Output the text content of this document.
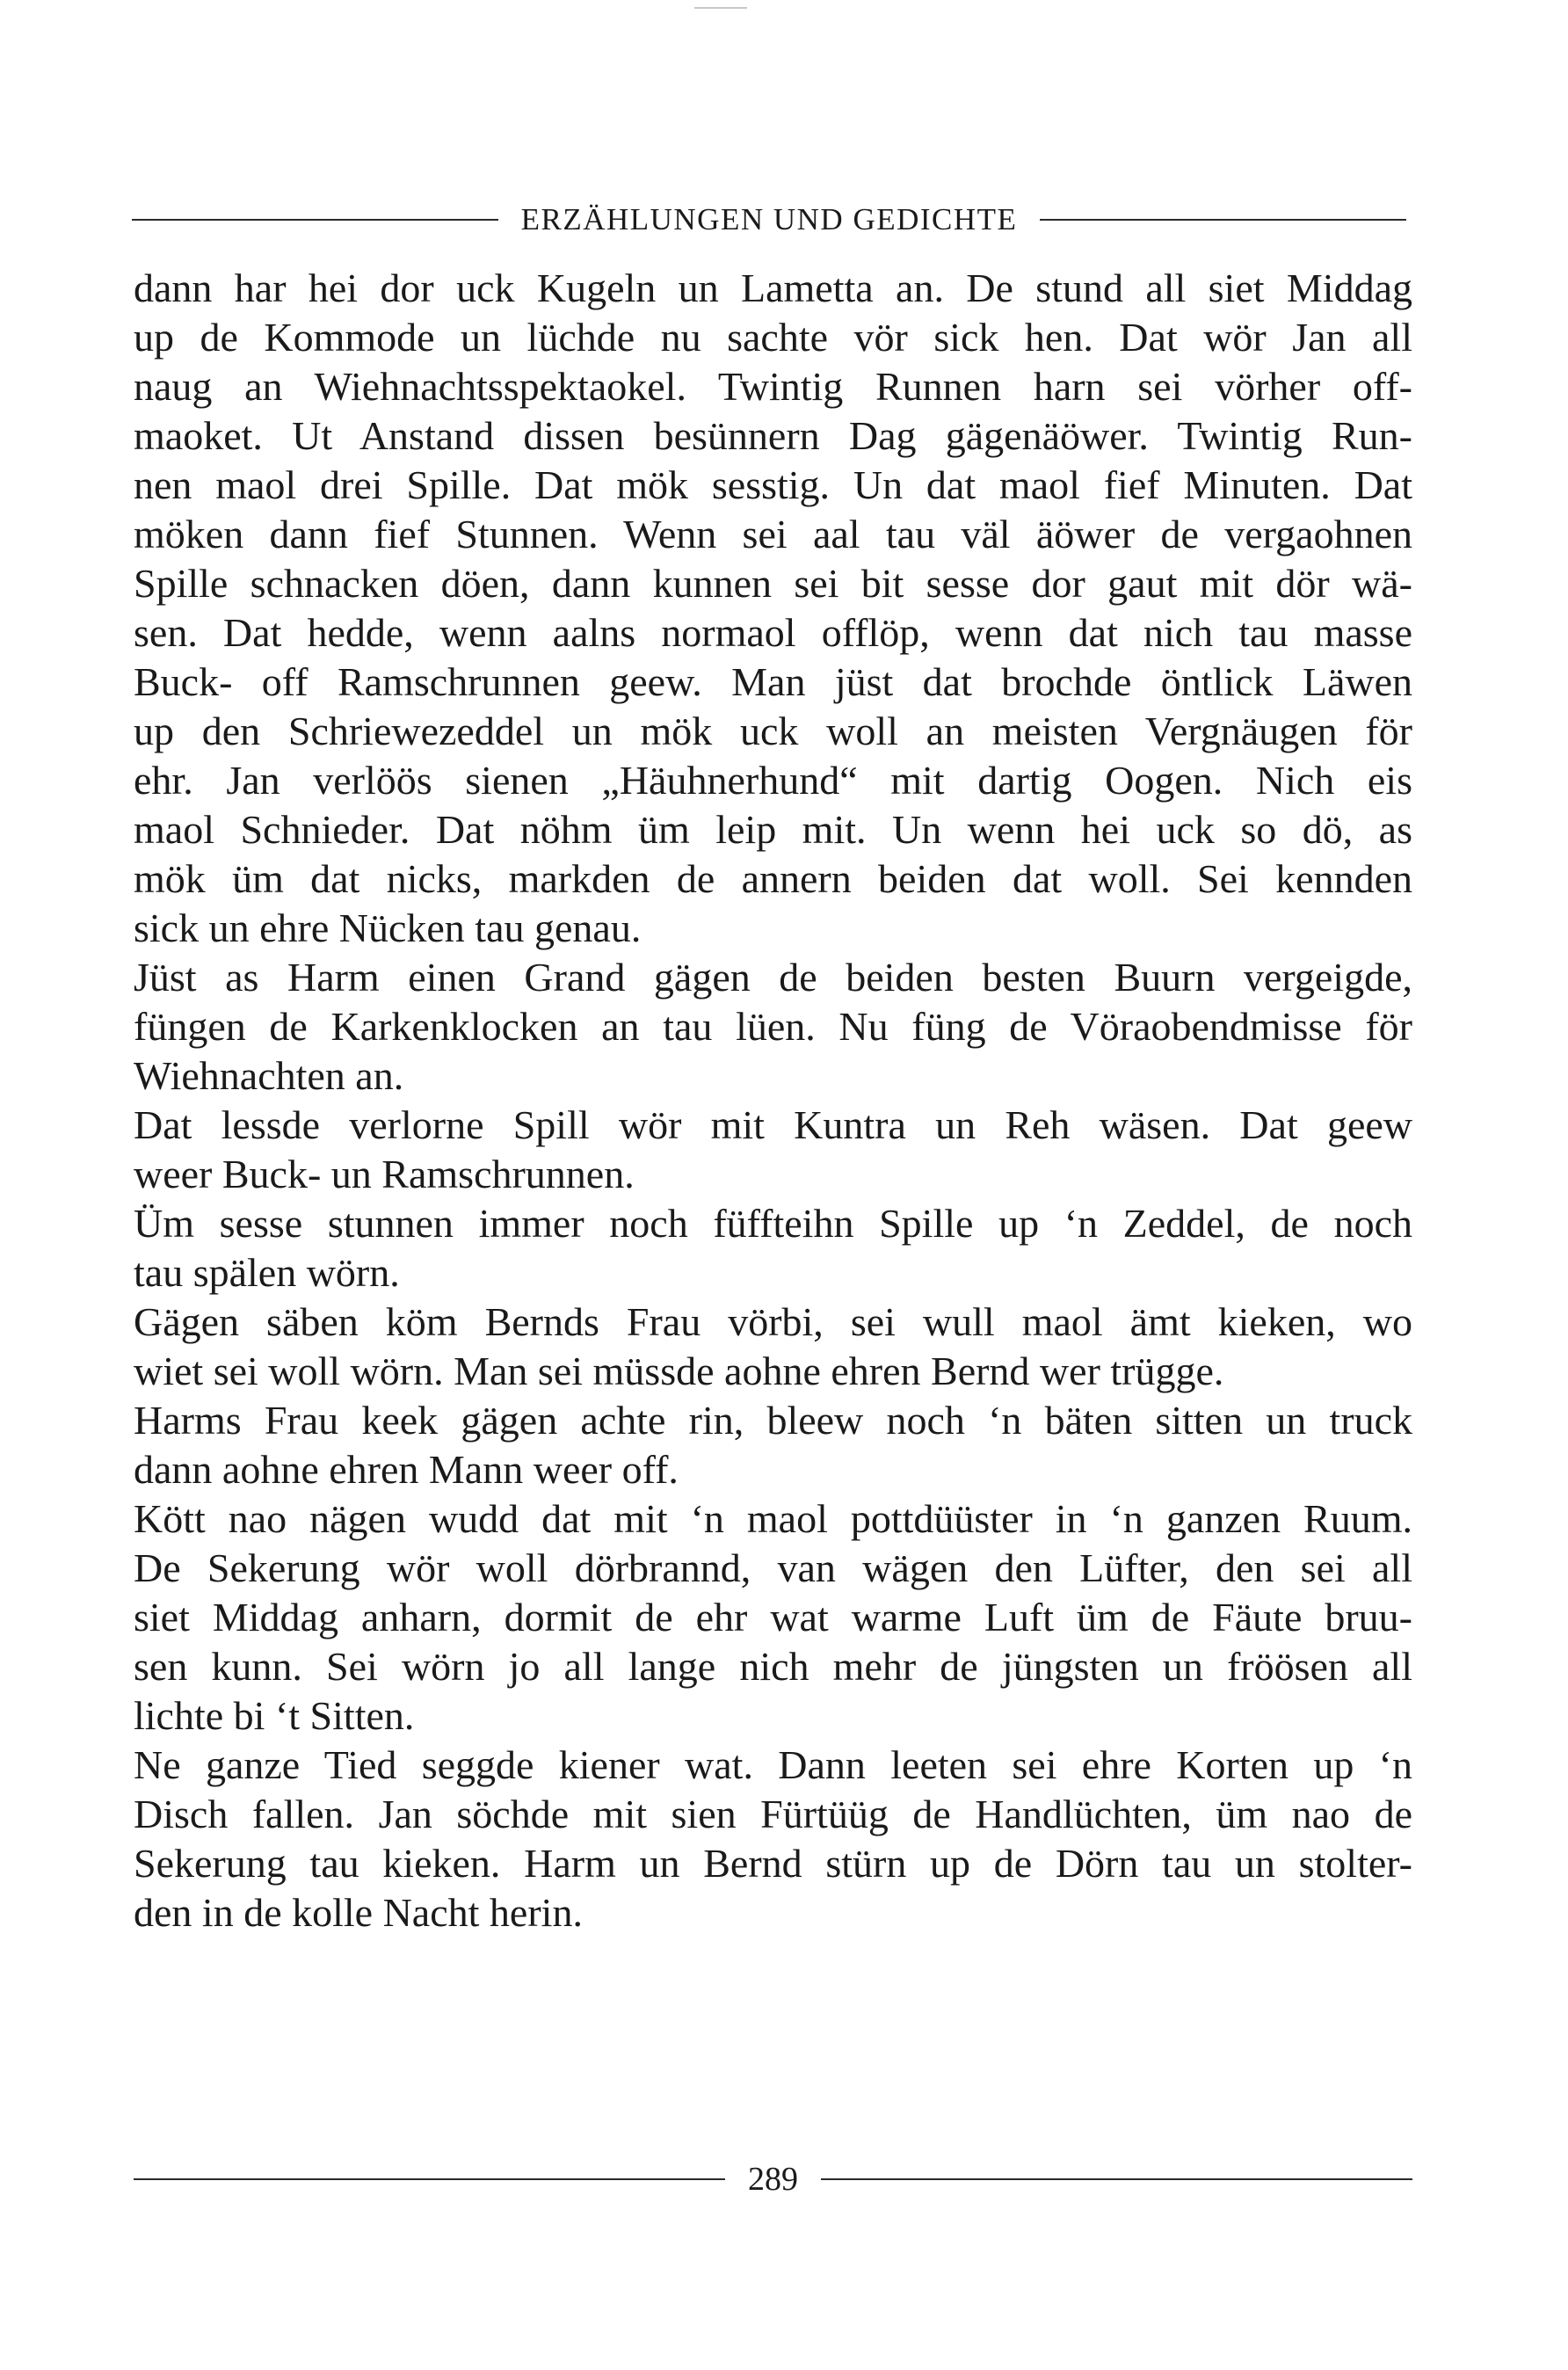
ERZÄHLUNGEN UND GEDICHTE
dann har hei dor uck Kugeln un Lametta an. De stund all siet Middag
up de Kommode un lüchde nu sachte vör sick hen. Dat wör Jan all
naug an Wiehnachtsspektaokel. Twintig Runnen harn sei vörher off-
maoket. Ut Anstand dissen besünnern Dag gägenäöwer. Twintig Run-
nen maol drei Spille. Dat mök sesstig. Un dat maol fief Minuten. Dat
möken dann fief Stunnen. Wenn sei aal tau väl äöwer de vergaohnen
Spille schnacken döen, dann kunnen sei bit sesse dor gaut mit dör wä-
sen. Dat hedde, wenn aalns normaol offlöp, wenn dat nich tau masse
Buck- off Ramschrunnen geew. Man jüst dat brochde öntlick Läwen
up den Schriewezeddel un mök uck woll an meisten Vergnäugen för
ehr. Jan verlöös sienen „Häuhnerhund“ mit dartig Oogen. Nich eis
maol Schnieder. Dat nöhm üm leip mit. Un wenn hei uck so dö, as
mök üm dat nicks, markden de annern beiden dat woll. Sei kennden
sick un ehre Nücken tau genau.
Jüst as Harm einen Grand gägen de beiden besten Buurn vergeigde,
füngen de Karkenklocken an tau lüen. Nu füng de Vöraobendmisse för
Wiehnachten an.
Dat lessde verlorne Spill wör mit Kuntra un Reh wäsen. Dat geew
weer Buck- un Ramschrunnen.
Üm sesse stunnen immer noch füffteihn Spille up ‘n Zeddel, de noch
tau spälen wörn.
Gägen säben köm Bernds Frau vörbi, sei wull maol ämt kieken, wo
wiet sei woll wörn. Man sei müssde aohne ehren Bernd wer trügge.
Harms Frau keek gägen achte rin, bleew noch ‘n bäten sitten un truck
dann aohne ehren Mann weer off.
Kött nao nägen wudd dat mit ‘n maol pottdüüster in ‘n ganzen Ruum.
De Sekerung wör woll dörbrannd, van wägen den Lüfter, den sei all
siet Middag anharn, dormit de ehr wat warme Luft üm de Fäute bruu-
sen kunn. Sei wörn jo all lange nich mehr de jüngsten un fröösen all
lichte bi ‘t Sitten.
Ne ganze Tied seggde kiener wat. Dann leeten sei ehre Korten up ‘n
Disch fallen. Jan söchde mit sien Fürtüüg de Handlüchten, üm nao de
Sekerung tau kieken. Harm un Bernd stürn up de Dörn tau un stolter-
den in de kolle Nacht herin.
289
